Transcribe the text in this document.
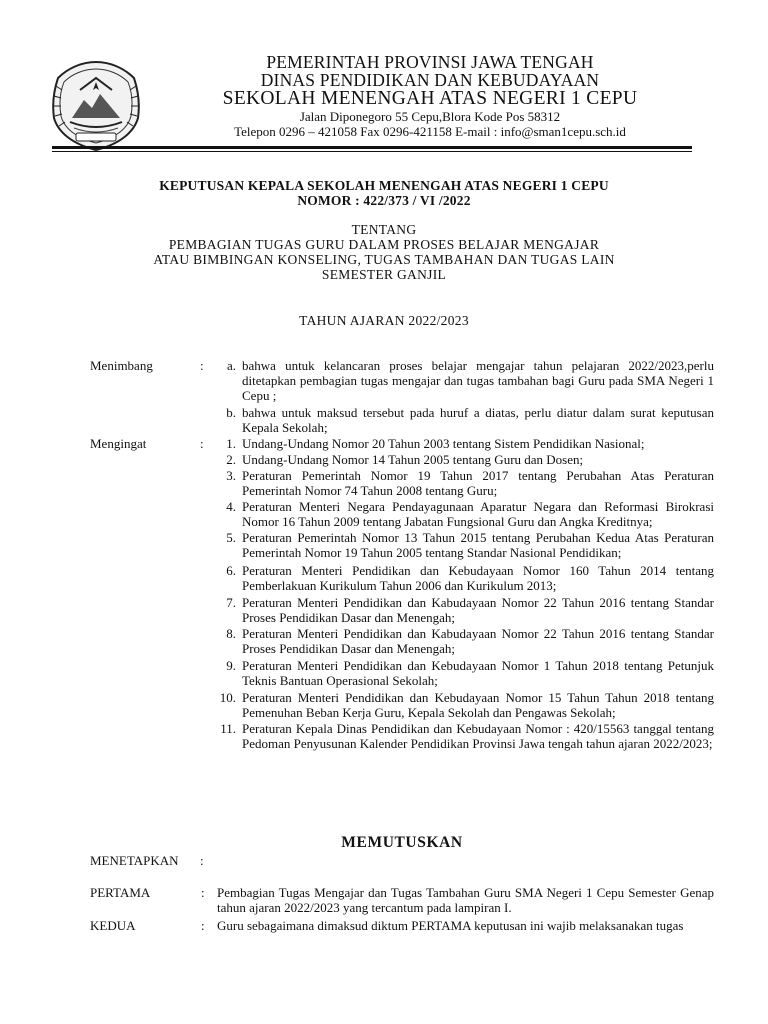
PEMERINTAH PROVINSI JAWA TENGAH
DINAS PENDIDIKAN DAN KEBUDAYAAN
SEKOLAH MENENGAH ATAS NEGERI 1 CEPU
Jalan Diponegoro 55 Cepu,Blora Kode Pos 58312
Telepon 0296 – 421058 Fax 0296-421158 E-mail : info@sman1cepu.sch.id
KEPUTUSAN KEPALA SEKOLAH MENENGAH ATAS NEGERI 1 CEPU
NOMOR : 422/373 / VI /2022
TENTANG
PEMBAGIAN TUGAS GURU DALAM PROSES BELAJAR MENGAJAR
ATAU BIMBINGAN KONSELING, TUGAS TAMBAHAN DAN TUGAS LAIN
SEMESTER GANJIL
TAHUN AJARAN 2022/2023
Menimbang	:	a. bahwa untuk kelancaran proses belajar mengajar tahun pelajaran 2022/2023,perlu ditetapkan pembagian tugas mengajar dan tugas tambahan bagi Guru pada SMA Negeri 1 Cepu ;
b. bahwa untuk maksud tersebut pada huruf a diatas, perlu diatur dalam surat keputusan Kepala Sekolah;
Mengingat	:	1. Undang-Undang Nomor 20 Tahun 2003 tentang Sistem Pendidikan Nasional;
2. Undang-Undang Nomor 14 Tahun 2005 tentang Guru dan Dosen;
3. Peraturan Pemerintah Nomor 19 Tahun 2017 tentang Perubahan Atas Peraturan Pemerintah Nomor 74 Tahun 2008 tentang Guru;
4. Peraturan Menteri Negara Pendayagunaan Aparatur Negara dan Reformasi Birokrasi Nomor 16 Tahun 2009 tentang Jabatan Fungsional Guru dan Angka Kreditnya;
5. Peraturan Pemerintah Nomor 13 Tahun 2015 tentang Perubahan Kedua Atas Peraturan Pemerintah Nomor 19 Tahun 2005 tentang Standar Nasional Pendidikan;
6. Peraturan Menteri Pendidikan dan Kebudayaan Nomor 160 Tahun 2014 tentang Pemberlakuan Kurikulum Tahun 2006 dan Kurikulum 2013;
7. Peraturan Menteri Pendidikan dan Kabudayaan Nomor 22 Tahun 2016 tentang Standar Proses Pendidikan Dasar dan Menengah;
8. Peraturan Menteri Pendidikan dan Kabudayaan Nomor 22 Tahun 2016 tentang Standar Proses Pendidikan Dasar dan Menengah;
9. Peraturan Menteri Pendidikan dan Kebudayaan Nomor 1 Tahun 2018 tentang Petunjuk Teknis Bantuan Operasional Sekolah;
10. Peraturan Menteri Pendidikan dan Kebudayaan Nomor 15 Tahun Tahun 2018 tentang Pemenuhan Beban Kerja Guru, Kepala Sekolah dan Pengawas Sekolah;
11. Peraturan Kepala Dinas Pendidikan dan Kebudayaan Nomor : 420/15563 tanggal tentang Pedoman Penyusunan Kalender Pendidikan Provinsi Jawa tengah tahun ajaran 2022/2023;
MEMUTUSKAN
MENETAPKAN :
PERTAMA	: Pembagian Tugas Mengajar dan Tugas Tambahan Guru SMA Negeri 1 Cepu Semester Genap tahun ajaran 2022/2023 yang tercantum pada lampiran I.
KEDUA	: Guru sebagaimana dimaksud diktum PERTAMA keputusan ini wajib melaksanakan tugas
